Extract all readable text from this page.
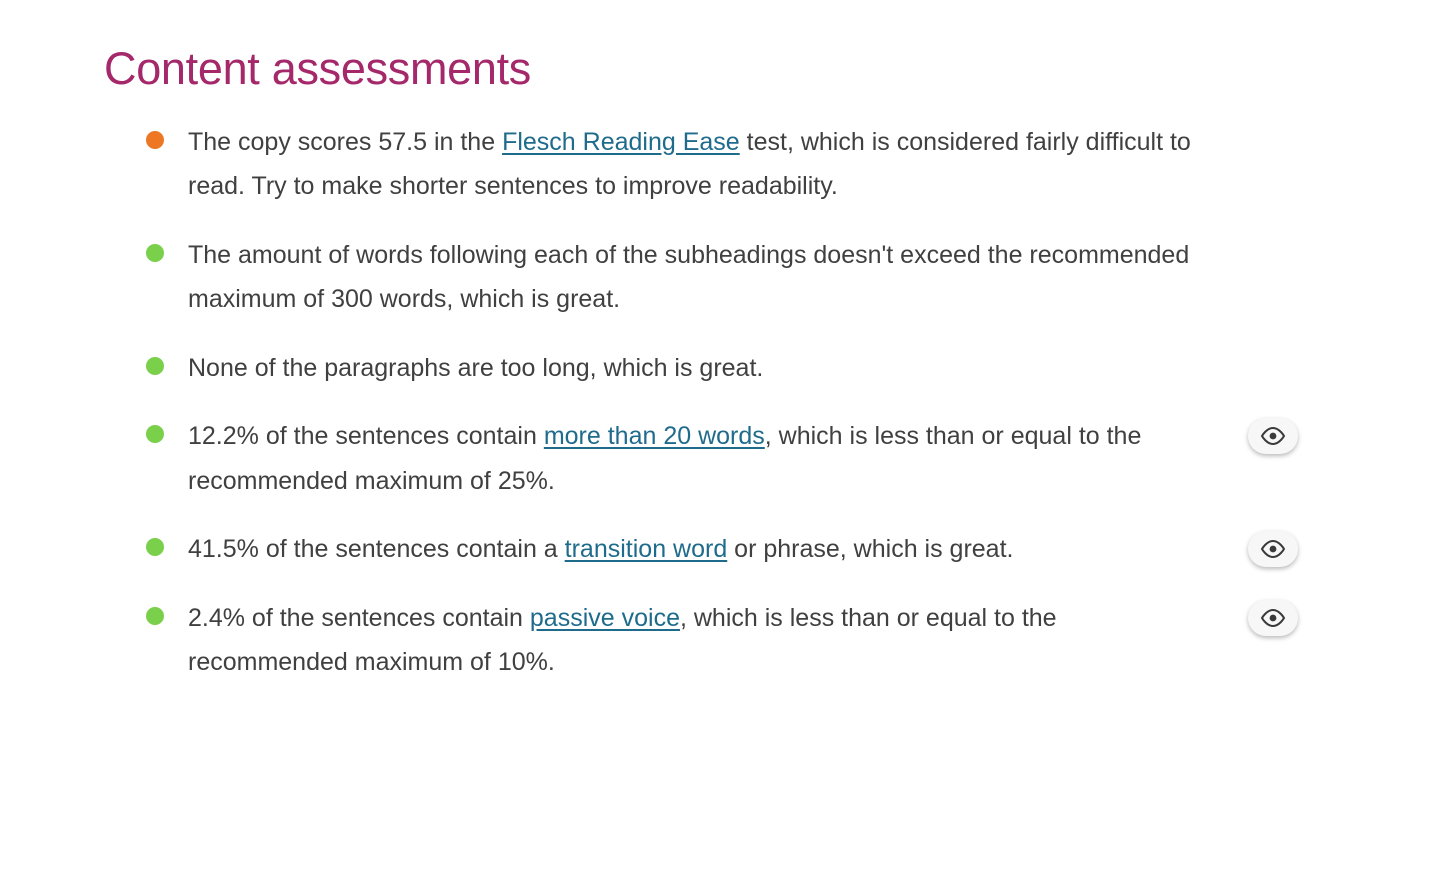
Content assessments
The copy scores 57.5 in the Flesch Reading Ease test, which is considered fairly difficult to read. Try to make shorter sentences to improve readability.
The amount of words following each of the subheadings doesn't exceed the recommended maximum of 300 words, which is great.
None of the paragraphs are too long, which is great.
12.2% of the sentences contain more than 20 words, which is less than or equal to the recommended maximum of 25%.
41.5% of the sentences contain a transition word or phrase, which is great.
2.4% of the sentences contain passive voice, which is less than or equal to the recommended maximum of 10%.
